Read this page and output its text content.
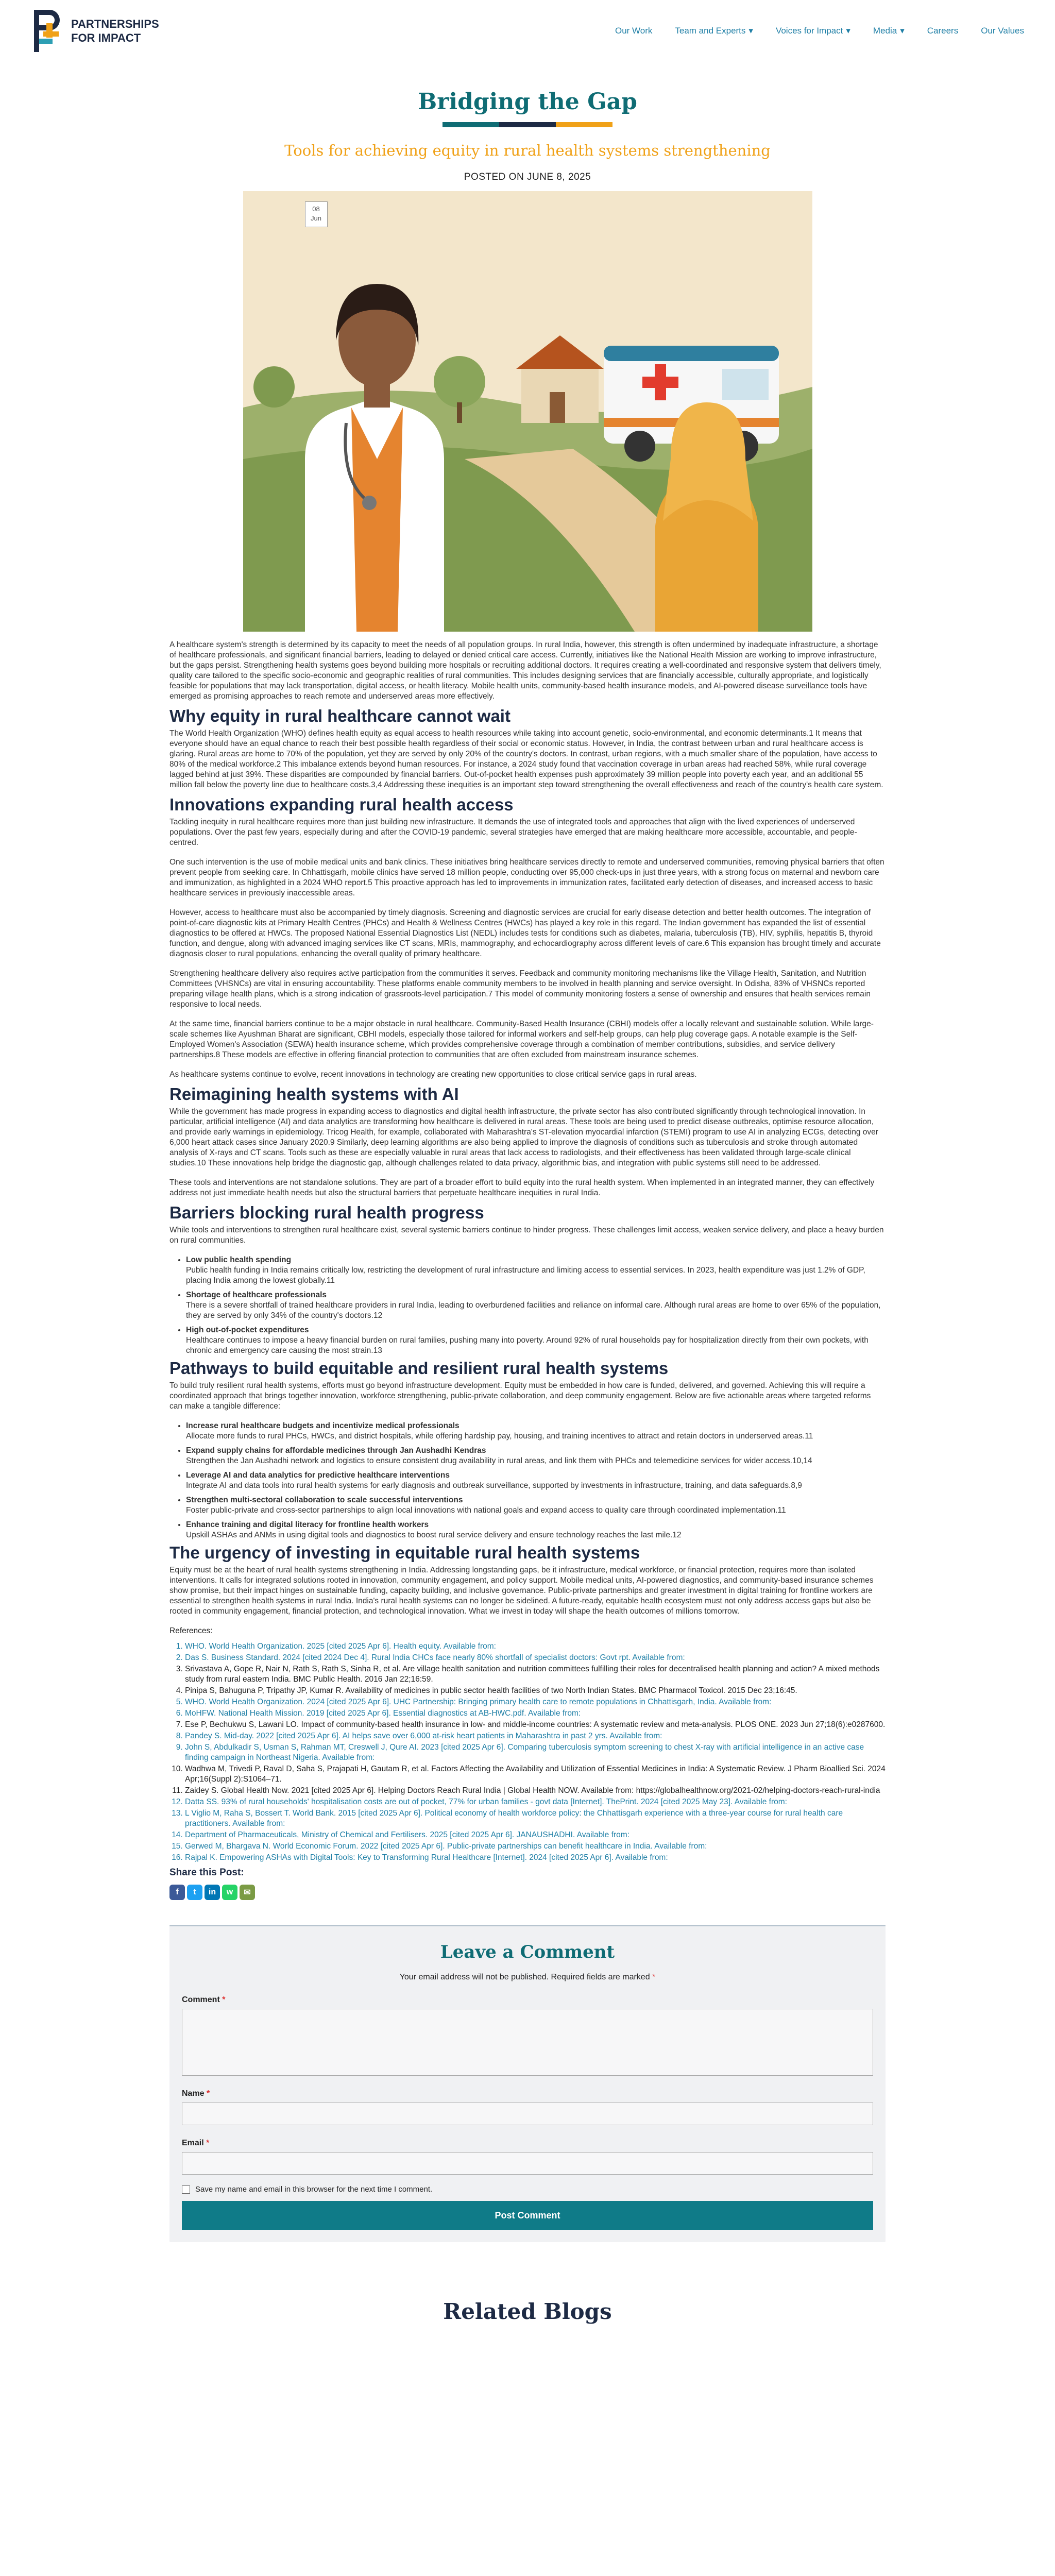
PARTNERSHIPS
FOR IMPACT
Our Work	Team and Experts ▾	Voices for Impact ▾	Media ▾	Careers	Our Values
Bridging the Gap
Tools for achieving equity in rural health systems strengthening
POSTED ON JUNE 8, 2025
08
Jun

A healthcare system's strength is determined by its capacity to meet the needs of all population groups. In rural India, however, this strength is often undermined by inadequate infrastructure, a shortage of healthcare professionals, and significant financial barriers, leading to delayed or denied critical care access. Currently, initiatives like the National Health Mission are working to improve infrastructure, but the gaps persist. Strengthening health systems goes beyond building more hospitals or recruiting additional doctors. It requires creating a well-coordinated and responsive system that delivers timely, quality care tailored to the specific socio-economic and geographic realities of rural communities. This includes designing services that are financially accessible, culturally appropriate, and logistically feasible for populations that may lack transportation, digital access, or health literacy. Mobile health units, community-based health insurance models, and AI-powered disease surveillance tools have emerged as promising approaches to reach remote and underserved areas more effectively.

Why equity in rural healthcare cannot wait

The World Health Organization (WHO) defines health equity as equal access to health resources while taking into account genetic, socio-environmental, and economic determinants.1 It means that everyone should have an equal chance to reach their best possible health regardless of their social or economic status. However, in India, the contrast between urban and rural healthcare access is glaring. Rural areas are home to 70% of the population, yet they are served by only 20% of the country's doctors. In contrast, urban regions, with a much smaller share of the population, have access to 80% of the medical workforce.2 This imbalance extends beyond human resources. For instance, a 2024 study found that vaccination coverage in urban areas had reached 58%, while rural coverage lagged behind at just 39%. These disparities are compounded by financial barriers. Out-of-pocket health expenses push approximately 39 million people into poverty each year, and an additional 55 million fall below the poverty line due to healthcare costs.3,4 Addressing these inequities is an important step toward strengthening the overall effectiveness and reach of the country's health care system.

Innovations expanding rural health access

Tackling inequity in rural healthcare requires more than just building new infrastructure. It demands the use of integrated tools and approaches that align with the lived experiences of underserved populations. Over the past few years, especially during and after the COVID-19 pandemic, several strategies have emerged that are making healthcare more accessible, accountable, and people-centred.

One such intervention is the use of mobile medical units and bank clinics. These initiatives bring healthcare services directly to remote and underserved communities, removing physical barriers that often prevent people from seeking care. In Chhattisgarh, mobile clinics have served 18 million people, conducting over 95,000 check-ups in just three years, with a strong focus on maternal and newborn care and immunization, as highlighted in a 2024 WHO report.5 This proactive approach has led to improvements in immunization rates, facilitated early detection of diseases, and increased access to basic healthcare services in previously inaccessible areas.

However, access to healthcare must also be accompanied by timely diagnosis. Screening and diagnostic services are crucial for early disease detection and better health outcomes. The integration of point-of-care diagnostic kits at Primary Health Centres (PHCs) and Health & Wellness Centres (HWCs) has played a key role in this regard. The Indian government has expanded the list of essential diagnostics to be offered at HWCs. The proposed National Essential Diagnostics List (NEDL) includes tests for conditions such as diabetes, malaria, tuberculosis (TB), HIV, syphilis, hepatitis B, thyroid function, and dengue, along with advanced imaging services like CT scans, MRIs, mammography, and echocardiography across different levels of care.6 This expansion has brought timely and accurate diagnosis closer to rural populations, enhancing the overall quality of primary healthcare.

Strengthening healthcare delivery also requires active participation from the communities it serves. Feedback and community monitoring mechanisms like the Village Health, Sanitation, and Nutrition Committees (VHSNCs) are vital in ensuring accountability. These platforms enable community members to be involved in health planning and service oversight. In Odisha, 83% of VHSNCs reported preparing village health plans, which is a strong indication of grassroots-level participation.7 This model of community monitoring fosters a sense of ownership and ensures that health services remain responsive to local needs.

At the same time, financial barriers continue to be a major obstacle in rural healthcare. Community-Based Health Insurance (CBHI) models offer a locally relevant and sustainable solution. While large-scale schemes like Ayushman Bharat are significant, CBHI models, especially those tailored for informal workers and self-help groups, can help plug coverage gaps. A notable example is the Self-Employed Women's Association (SEWA) health insurance scheme, which provides comprehensive coverage through a combination of member contributions, subsidies, and service delivery partnerships.8 These models are effective in offering financial protection to communities that are often excluded from mainstream insurance schemes.

As healthcare systems continue to evolve, recent innovations in technology are creating new opportunities to close critical service gaps in rural areas.

Reimagining health systems with AI

While the government has made progress in expanding access to diagnostics and digital health infrastructure, the private sector has also contributed significantly through technological innovation. In particular, artificial intelligence (AI) and data analytics are transforming how healthcare is delivered in rural areas. These tools are being used to predict disease outbreaks, optimise resource allocation, and provide early warnings in epidemiology. Tricog Health, for example, collaborated with Maharashtra's ST-elevation myocardial infarction (STEMI) program to use AI in analyzing ECGs, detecting over 6,000 heart attack cases since January 2020.9 Similarly, deep learning algorithms are also being applied to improve the diagnosis of conditions such as tuberculosis and stroke through automated analysis of X-rays and CT scans. Tools such as these are especially valuable in rural areas that lack access to radiologists, and their effectiveness has been validated through large-scale clinical studies.10 These innovations help bridge the diagnostic gap, although challenges related to data privacy, algorithmic bias, and integration with public systems still need to be addressed.

These tools and interventions are not standalone solutions. They are part of a broader effort to build equity into the rural health system. When implemented in an integrated manner, they can effectively address not just immediate health needs but also the structural barriers that perpetuate healthcare inequities in rural India.

Barriers blocking rural health progress

While tools and interventions to strengthen rural healthcare exist, several systemic barriers continue to hinder progress. These challenges limit access, weaken service delivery, and place a heavy burden on rural communities.

• Low public health spending
Public health funding in India remains critically low, restricting the development of rural infrastructure and limiting access to essential services. In 2023, health expenditure was just 1.2% of GDP, placing India among the lowest globally.11
• Shortage of healthcare professionals
There is a severe shortfall of trained healthcare providers in rural India, leading to overburdened facilities and reliance on informal care. Although rural areas are home to over 65% of the population, they are served by only 34% of the country's doctors.12
• High out-of-pocket expenditures
Healthcare continues to impose a heavy financial burden on rural families, pushing many into poverty. Around 92% of rural households pay for hospitalization directly from their own pockets, with chronic and emergency care causing the most strain.13
Pathways to build equitable and resilient rural health systems

To build truly resilient rural health systems, efforts must go beyond infrastructure development. Equity must be embedded in how care is funded, delivered, and governed. Achieving this will require a coordinated approach that brings together innovation, workforce strengthening, public-private collaboration, and deep community engagement. Below are five actionable areas where targeted reforms can make a tangible difference:

• Increase rural healthcare budgets and incentivize medical professionals
Allocate more funds to rural PHCs, HWCs, and district hospitals, while offering hardship pay, housing, and training incentives to attract and retain doctors in underserved areas.11
• Expand supply chains for affordable medicines through Jan Aushadhi Kendras
Strengthen the Jan Aushadhi network and logistics to ensure consistent drug availability in rural areas, and link them with PHCs and telemedicine services for wider access.10,14
• Leverage AI and data analytics for predictive healthcare interventions
Integrate AI and data tools into rural health systems for early diagnosis and outbreak surveillance, supported by investments in infrastructure, training, and data safeguards.8,9
• Strengthen multi-sectoral collaboration to scale successful interventions
Foster public-private and cross-sector partnerships to align local innovations with national goals and expand access to quality care through coordinated implementation.11
• Enhance training and digital literacy for frontline health workers
Upskill ASHAs and ANMs in using digital tools and diagnostics to boost rural service delivery and ensure technology reaches the last mile.12
The urgency of investing in equitable rural health systems

Equity must be at the heart of rural health systems strengthening in India. Addressing longstanding gaps, be it infrastructure, medical workforce, or financial protection, requires more than isolated interventions. It calls for integrated solutions rooted in innovation, community engagement, and policy support. Mobile medical units, AI-powered diagnostics, and community-based insurance schemes show promise, but their impact hinges on sustainable funding, capacity building, and inclusive governance. Public-private partnerships and greater investment in digital training for frontline workers are essential to strengthen health systems in rural India. India's rural health systems can no longer be sidelined. A future-ready, equitable health ecosystem must not only address access gaps but also be rooted in community engagement, financial protection, and technological innovation. What we invest in today will shape the health outcomes of millions tomorrow.

References:
1. WHO. World Health Organization. 2025 [cited 2025 Apr 6]. Health equity. Available from:
2. Das S. Business Standard. 2024 [cited 2024 Dec 4]. Rural India CHCs face nearly 80% shortfall of specialist doctors: Govt rpt. Available from:
3. Srivastava A, Gope R, Nair N, Rath S, Rath S, Sinha R, et al. Are village health sanitation and nutrition committees fulfilling their roles for decentralised health planning and action? A mixed methods study from rural eastern India. BMC Public Health. 2016 Jan 22;16:59.
4. Pinipa S, Bahuguna P, Tripathy JP, Kumar R. Availability of medicines in public sector health facilities of two North Indian States. BMC Pharmacol Toxicol. 2015 Dec 23;16:45.
5. WHO. World Health Organization. 2024 [cited 2025 Apr 6]. UHC Partnership: Bringing primary health care to remote populations in Chhattisgarh, India. Available from:
6. MoHFW. National Health Mission. 2019 [cited 2025 Apr 6]. Essential diagnostics at AB-HWC.pdf. Available from:
7. Ese P, Bechukwu S, Lawani LO. Impact of community-based health insurance in low- and middle-income countries: A systematic review and meta-analysis. PLOS ONE. 2023 Jun 27;18(6):e0287600.
8. Pandey S. Mid-day. 2022 [cited 2025 Apr 6]. AI helps save over 6,000 at-risk heart patients in Maharashtra in past 2 yrs. Available from:
9. John S, Abdulkadir S, Usman S, Rahman MT, Creswell J, Qure AI. 2023 [cited 2025 Apr 6]. Comparing tuberculosis symptom screening to chest X-ray with artificial intelligence in an active case finding campaign in Northeast Nigeria. Available from:
10. Wadhwa M, Trivedi P, Raval D, Saha S, Prajapati H, Gautam R, et al. Factors Affecting the Availability and Utilization of Essential Medicines in India: A Systematic Review. J Pharm Bioallied Sci. 2024 Apr;16(Suppl 2):S1064–71.
11. Zaidey S. Global Health Now. 2021 [cited 2025 Apr 6]. Helping Doctors Reach Rural India | Global Health NOW. Available from: https://globalhealthnow.org/2021-02/helping-doctors-reach-rural-india
12. Datta SS. 93% of rural households' hospitalisation costs are out of pocket, 77% for urban families - govt data [Internet]. ThePrint. 2024 [cited 2025 May 23]. Available from:
13. L Viglio M, Raha S, Bossert T. World Bank. 2015 [cited 2025 Apr 6]. Political economy of health workforce policy: the Chhattisgarh experience with a three-year course for rural health care practitioners. Available from:
14. Department of Pharmaceuticals, Ministry of Chemical and Fertilisers. 2025 [cited 2025 Apr 6]. JANAUSHADHI. Available from:
15. Gerwed M, Bhargava N. World Economic Forum. 2022 [cited 2025 Apr 6]. Public-private partnerships can benefit healthcare in India. Available from:
16. Rajpal K. Empowering ASHAs with Digital Tools: Key to Transforming Rural Healthcare [Internet]. 2024 [cited 2025 Apr 6]. Available from:
Share this Post:
f	t	in	w	✉
Leave a Comment
Your email address will not be published. Required fields are marked *
Comment *
Name *
Email *
Save my name and email in this browser for the next time I comment.
Post Comment
Related Blogs
